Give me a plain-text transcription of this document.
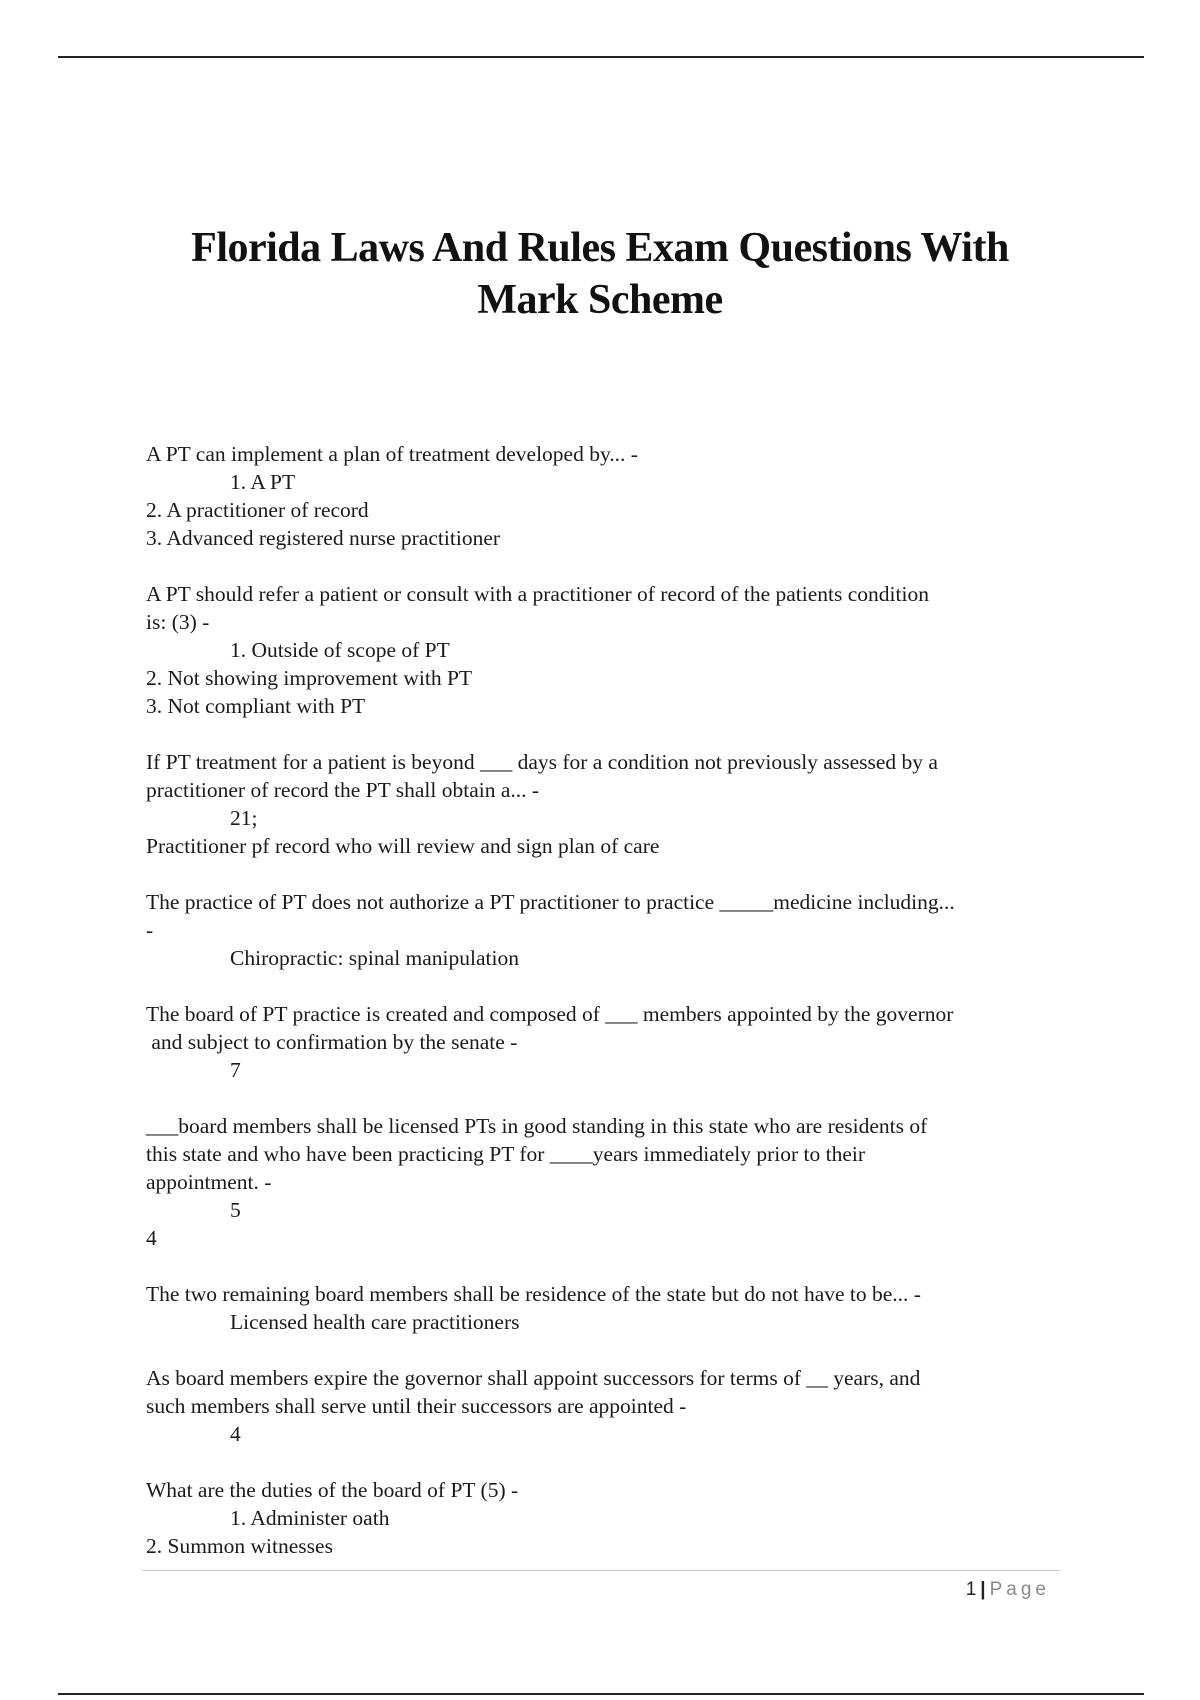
Florida Laws And Rules Exam Questions With
Mark Scheme
A PT can implement a plan of treatment developed by... -
1. A PT
2. A practitioner of record
3. Advanced registered nurse practitioner
A PT should refer a patient or consult with a practitioner of record of the patients condition
is: (3) -
1. Outside of scope of PT
2. Not showing improvement with PT
3. Not compliant with PT
If PT treatment for a patient is beyond ___ days for a condition not previously assessed by a
practitioner of record the PT shall obtain a... -
21;
Practitioner pf record who will review and sign plan of care
The practice of PT does not authorize a PT practitioner to practice _____medicine including...
-
Chiropractic: spinal manipulation
The board of PT practice is created and composed of ___ members appointed by the governor
and subject to confirmation by the senate -
7
___board members shall be licensed PTs in good standing in this state who are residents of
this state and who have been practicing PT for ____years immediately prior to their
appointment. -
5
4
The two remaining board members shall be residence of the state but do not have to be... -
Licensed health care practitioners
As board members expire the governor shall appoint successors for terms of __ years, and
such members shall serve until their successors are appointed -
4
What are the duties of the board of PT (5) -
1. Administer oath
2. Summon witnesses
1 | Page
